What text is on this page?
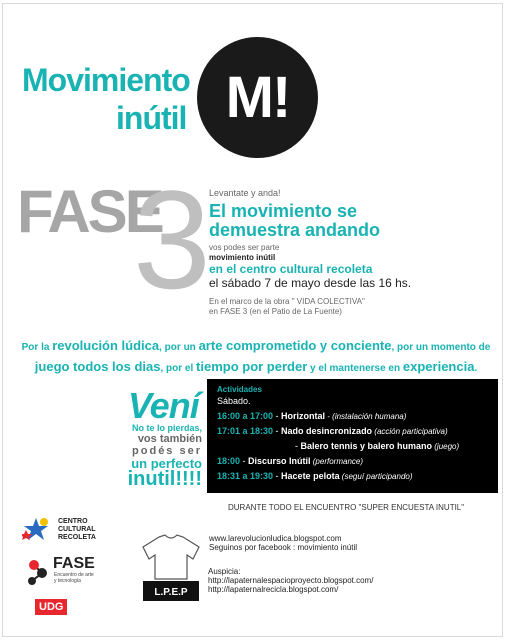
Movimiento
inútil M!
FASE
3
Levantate y anda!
El movimiento se
demuestra andando
vos podes ser parte
movimiento inútil
en el centro cultural recoleta
el sábado 7 de mayo desde las 16 hs.
En el marco de la obra " VIDA COLECTIVA"
en FASE 3 (en el Patio de La Fuente)
Por la revolución lúdica, por un arte comprometido y conciente, por un momento de
juego todos los dias, por el tiempo por perder y el mantenerse en experiencia.
Vení
No te lo pierdas,
vos también
podés ser
un perfecto
inutil!!!!
Actividades
Sábado.
16:00 a 17:00 - Horizontal - (instalación humana)
17:01 a 18:30 - Nado desincronizado (acción participativa)
- Balero tennis y balero humano (juego)
18:00 - Discurso Inútil (performance)
18:31 a 19:30 - Hacete pelota (seguí participando)
DURANTE TODO EL ENCUENTRO "SUPER ENCUESTA INUTIL"
www.larevolucionludica.blogspot.com
Seguinos por facebook : movimiento inútil
Auspicia:
http://lapaternalespacioproyecto.blogspot.com/
http://lapaternalrecicla.blogspot.com/
CENTRO
CULTURAL
RECOLETA
FASE
Encuentro de arte
y tecnología
UDG
L.P.E.P
